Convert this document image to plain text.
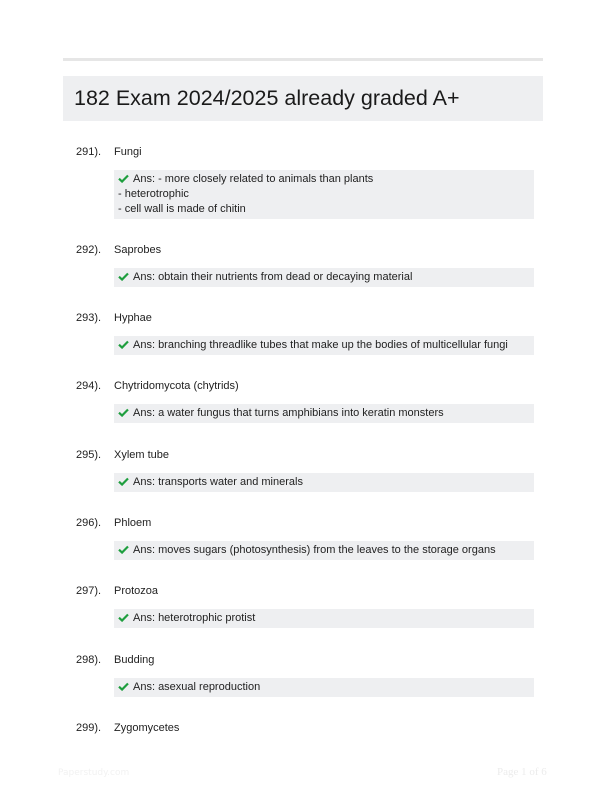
182 Exam 2024/2025 already graded A+
291). Fungi
Ans: - more closely related to animals than plants
- heterotrophic
- cell wall is made of chitin
292). Saprobes
Ans: obtain their nutrients from dead or decaying material
293). Hyphae
Ans: branching threadlike tubes that make up the bodies of multicellular fungi
294). Chytridomycota (chytrids)
Ans: a water fungus that turns amphibians into keratin monsters
295). Xylem tube
Ans: transports water and minerals
296). Phloem
Ans: moves sugars (photosynthesis) from the leaves to the storage organs
297). Protozoa
Ans: heterotrophic protist
298). Budding
Ans: asexual reproduction
299). Zygomycetes
Paperstudy.com	Page 1 of 6
